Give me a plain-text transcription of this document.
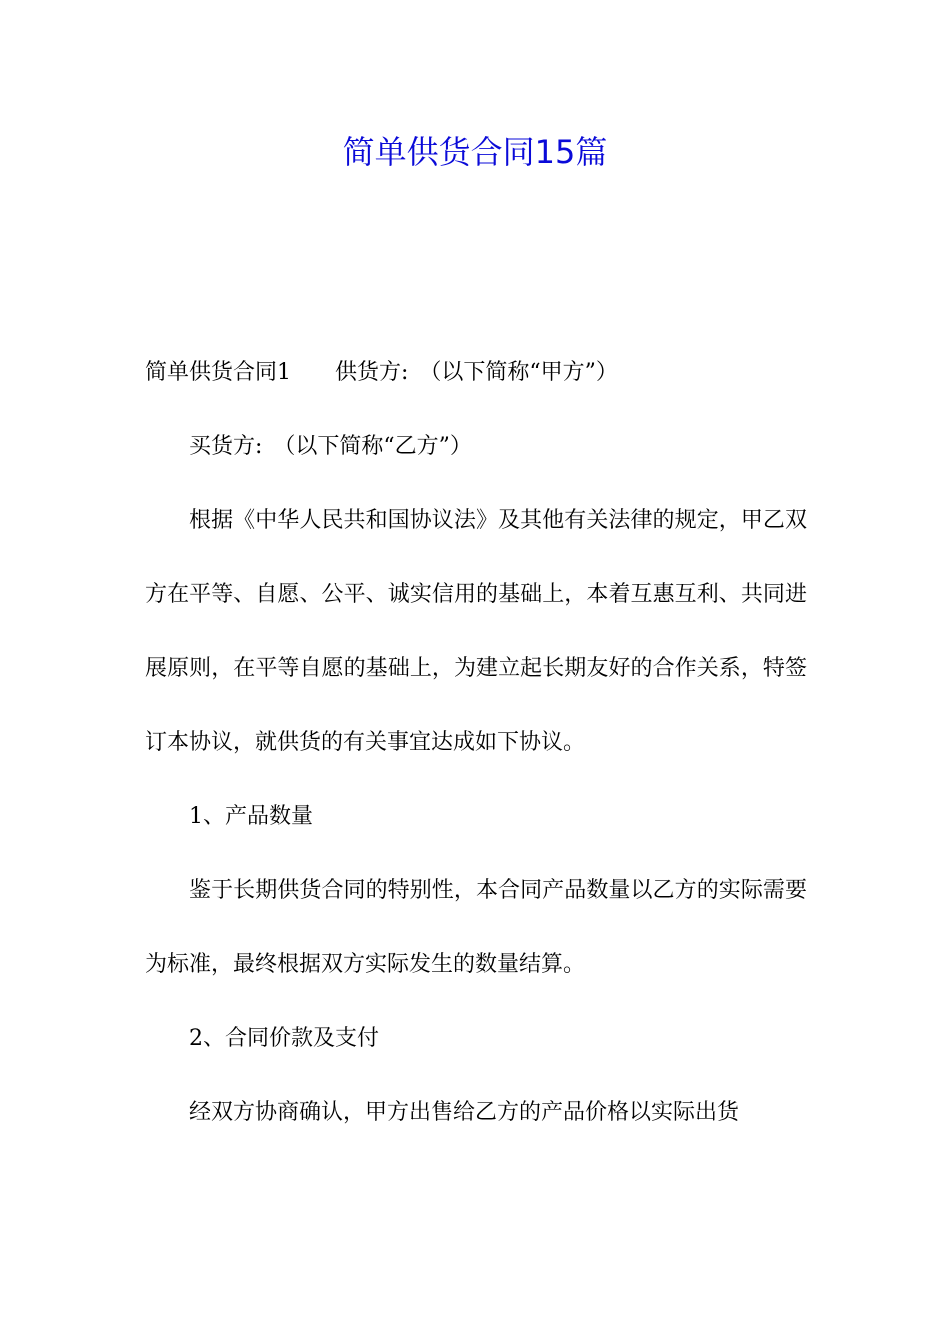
简单供货合同15篇

简单供货合同1　　供货方:　（以下简称“甲方”）

买货方:　（以下简称“乙方”）

根据《中华人民共和国协议法》及其他有关法律的规定，甲乙双方在平等、自愿、公平、诚实信用的基础上，本着互惠互利、共同进展原则，在平等自愿的基础上，为建立起长期友好的合作关系，特签订本协议，就供货的有关事宜达成如下协议。

1、产品数量

鉴于长期供货合同的特别性，本合同产品数量以乙方的实际需要为标准，最终根据双方实际发生的数量结算。

2、合同价款及支付

经双方协商确认，甲方出售给乙方的产品价格以实际出货
